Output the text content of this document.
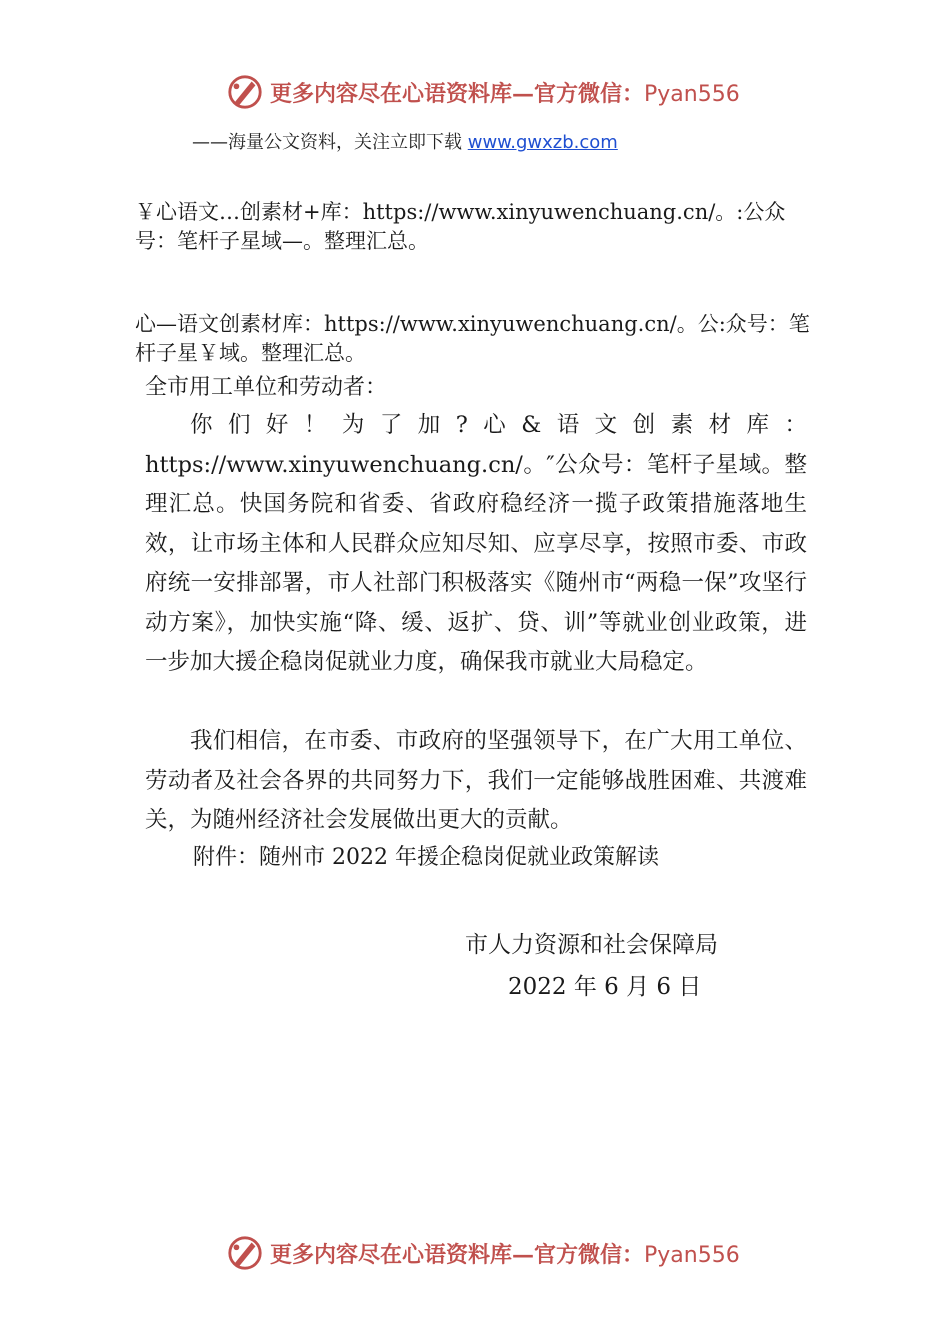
更多内容尽在心语资料库—官方微信：Pyan556
——海量公文资料，关注立即下载 www.gwxzb.com

￥心语文…创素材+库：https://www.xinyuwenchuang.cn/。:公众号：笔杆子星域—。整理汇总。

心—语文创素材库：https://www.xinyuwenchuang.cn/。公:众号：笔杆子星￥域。整理汇总。

全市用工单位和劳动者：

你们好！为了加?心&语文创素材库：https://www.xinyuwenchuang.cn/。″公众号：笔杆子星域。整理汇总。快国务院和省委、省政府稳经济一揽子政策措施落地生效，让市场主体和人民群众应知尽知、应享尽享，按照市委、市政府统一安排部署，市人社部门积极落实《随州市“两稳一保”攻坚行动方案》，加快实施“降、缓、返扩、贷、训”等就业创业政策，进一步加大援企稳岗促就业力度，确保我市就业大局稳定。

我们相信，在市委、市政府的坚强领导下，在广大用工单位、劳动者及社会各界的共同努力下，我们一定能够战胜困难、共渡难关，为随州经济社会发展做出更大的贡献。

附件：随州市 2022 年援企稳岗促就业政策解读
市人力资源和社会保障局
2022 年 6 月 6 日
更多内容尽在心语资料库—官方微信：Pyan556
